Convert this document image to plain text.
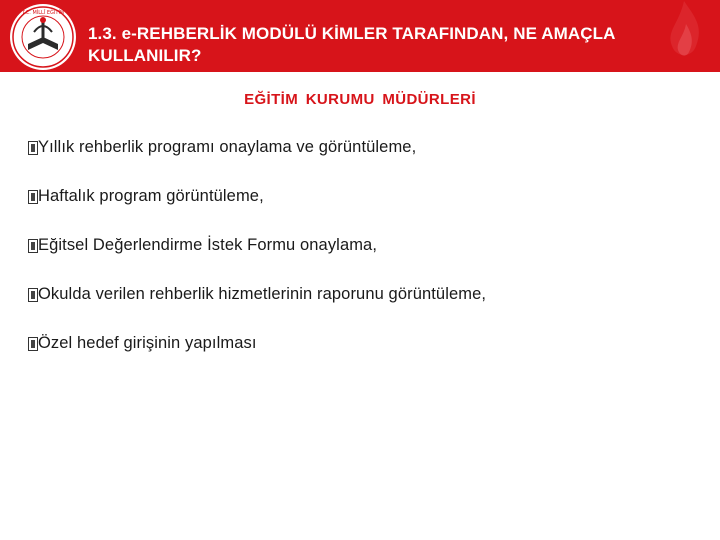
T.C. MİLLÎ EĞİTİM
1.3. e-REHBERLİK MODÜLÜ KİMLER TARAFINDAN, NE AMAÇLA KULLANILIR?
EĞİTİM KURUMU MÜDÜRLERİ
Yıllık rehberlik programı onaylama ve görüntüleme,
Haftalık program görüntüleme,
Eğitsel Değerlendirme İstek Formu onaylama,
Okulda verilen rehberlik hizmetlerinin raporunu görüntüleme,
Özel hedef girişinin yapılması
